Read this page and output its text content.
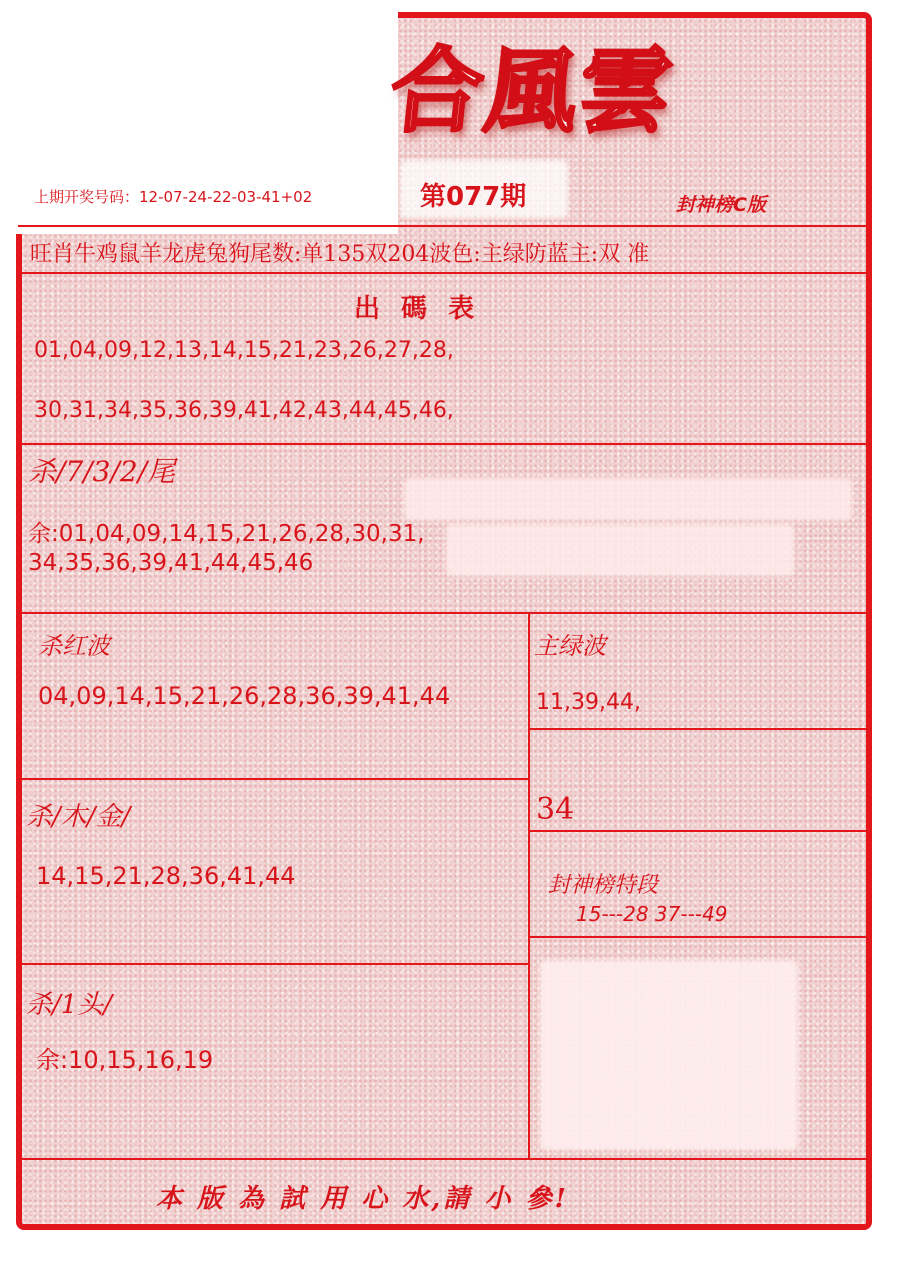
合風雲
封神榜C版
上期开奖号码：12-07-24-22-03-41+02	第077期
旺肖牛鸡鼠羊龙虎兔狗尾数:单135双204波色:主绿防蓝主:双 准
出 碼 表
01,04,09,12,13,14,15,21,23,26,27,28,
30,31,34,35,36,39,41,42,43,44,45,46,
杀/7/3/2/尾
余:01,04,09,14,15,21,26,28,30,31,
34,35,36,39,41,44,45,46
杀红波
04,09,14,15,21,26,28,36,39,41,44
主绿波
11,39,44,
34
杀/木/金/
14,15,21,28,36,41,44	封神榜特段
15---28 37---49
杀/1头/
余:10,15,16,19
本 版 為 試 用 心 水,請 小 參!
